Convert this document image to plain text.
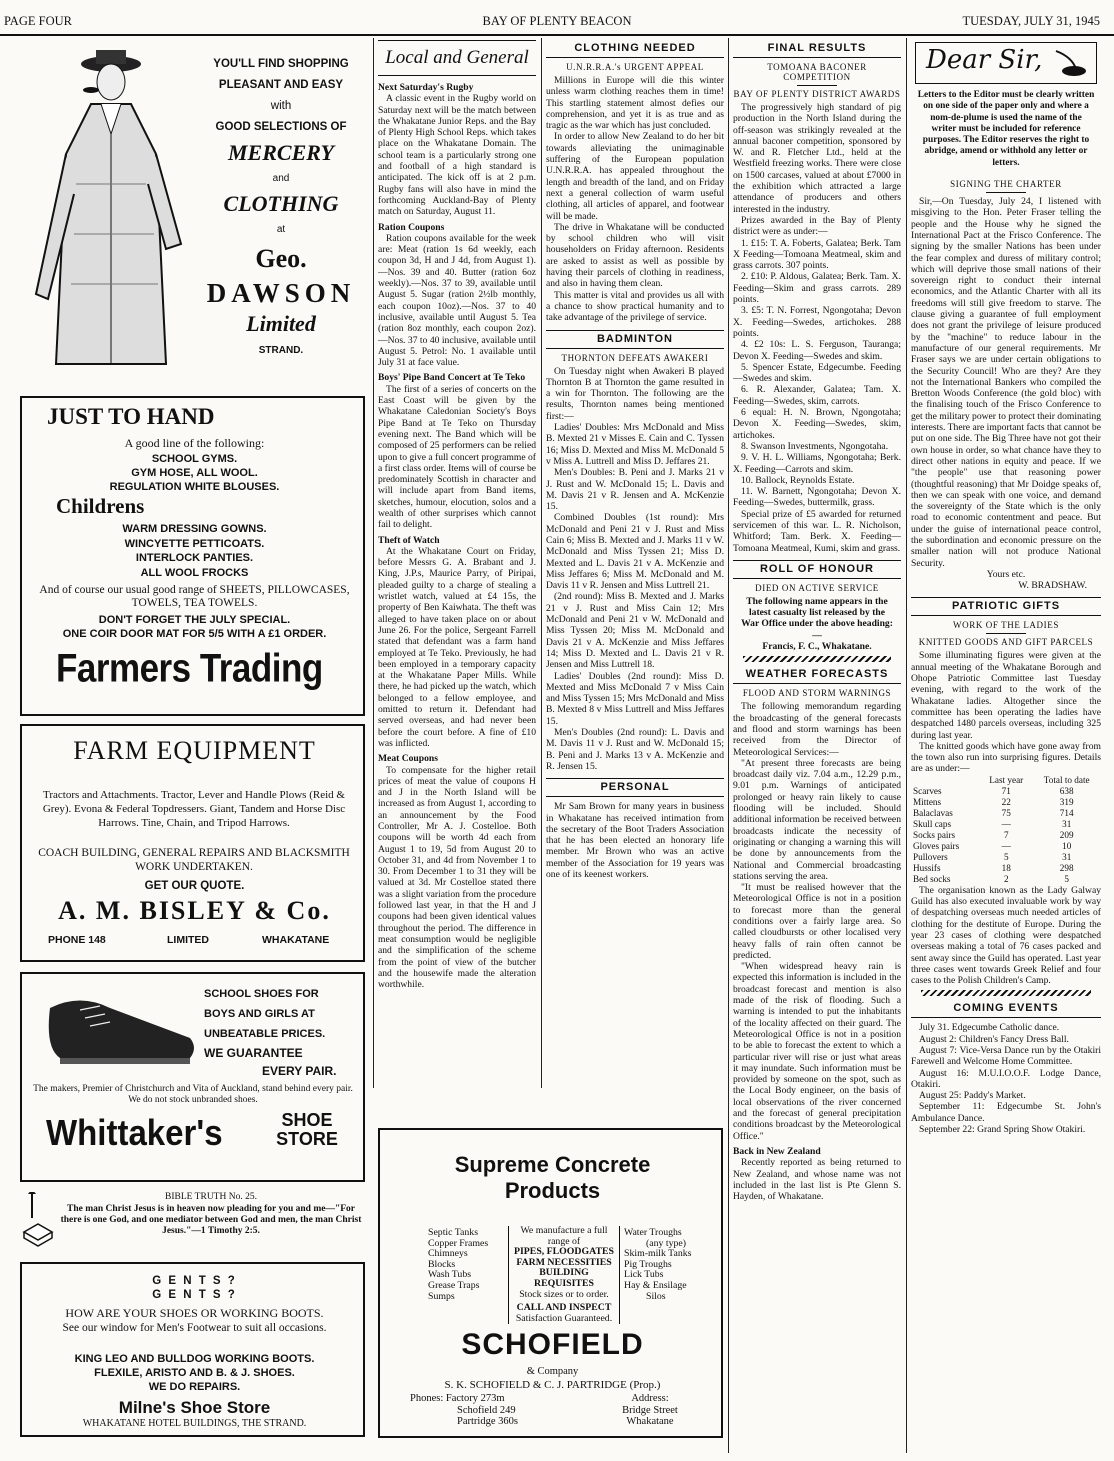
PAGE FOUR	BAY OF PLENTY BEACON	TUESDAY, JULY 31, 1945
YOU'LL FIND SHOPPING
PLEASANT AND EASY
with
GOOD SELECTIONS OF
MERCERY
and
CLOTHING
at
Geo.
DAWSON
Limited
STRAND.
JUST TO HAND
A good line of the following:
SCHOOL GYMS.
GYM HOSE, ALL WOOL.
REGULATION WHITE BLOUSES.
Childrens
WARM DRESSING GOWNS.
WINCYETTE PETTICOATS.
INTERLOCK PANTIES.
ALL WOOL FROCKS
And of course our usual good range of SHEETS, PILLOWCASES, TOWELS, TEA TOWELS.
DON'T FORGET THE JULY SPECIAL.
ONE COIR DOOR MAT FOR 5/5 WITH A £1 ORDER.
Farmers Trading
FARM EQUIPMENT
Tractors and Attachments. Tractor, Lever and Handle Plows (Reid & Grey). Evona & Federal Topdressers. Giant, Tandem and Horse Disc Harrows. Tine, Chain, and Tripod Harrows.
COACH BUILDING, GENERAL REPAIRS AND BLACKSMITH WORK UNDERTAKEN.
GET OUR QUOTE.
A. M. BISLEY & Co.
PHONE 148	LIMITED	WHAKATANE
SCHOOL SHOES FOR
BOYS AND GIRLS AT
UNBEATABLE PRICES.
WE GUARANTEE
EVERY PAIR.
The makers, Premier of Christchurch and Vita of Auckland, stand behind every pair. We do not stock unbranded shoes.
Whittaker's	SHOE
STORE
BIBLE TRUTH No. 25.
The man Christ Jesus is in heaven now pleading for you and me—"For there is one God, and one mediator between God and men, the man Christ Jesus."—1 Timothy 2:5.
G E N T S ?
G E N T S ?
HOW ARE YOUR SHOES OR WORKING BOOTS.
See our window for Men's Footwear to suit all occasions.
KING LEO AND BULLDOG WORKING BOOTS.
FLEXILE, ARISTO AND B. & J. SHOES.
WE DO REPAIRS.
Milne's Shoe Store
WHAKATANE HOTEL BUILDINGS, THE STRAND.
Local and General
Next Saturday's Rugby

A classic event in the Rugby world on Saturday next will be the match between the Whakatane Junior Reps. and the Bay of Plenty High School Reps. which takes place on the Whakatane Domain. The school team is a particularly strong one and football of a high standard is anticipated. The kick off is at 2 p.m. Rugby fans will also have in mind the forthcoming Auckland-Bay of Plenty match on Saturday, August 11.

Ration Coupons

Ration coupons available for the week are: Meat (ration 1s 6d weekly, each coupon 3d, H and J 4d, from August 1).—Nos. 39 and 40. Butter (ration 6oz weekly).—Nos. 37 to 39, available until August 5. Sugar (ration 2½lb monthly, each coupon 10oz).—Nos. 37 to 40 inclusive, available until August 5. Tea (ration 8oz monthly, each coupon 2oz).—Nos. 37 to 40 inclusive, available until August 5. Petrol: No. 1 available until July 31 at face value.

Boys' Pipe Band Concert at Te Teko

The first of a series of concerts on the East Coast will be given by the Whakatane Caledonian Society's Boys Pipe Band at Te Teko on Thursday evening next. The Band which will be composed of 25 performers can be relied upon to give a full concert programme of a first class order. Items will of course be predominately Scottish in character and will include apart from Band items, sketches, humour, elocution, solos and a wealth of other surprises which cannot fail to delight.

Theft of Watch

At the Whakatane Court on Friday, before Messrs G. A. Brabant and J. King, J.P.s, Maurice Parry, of Piripai, pleaded guilty to a charge of stealing a wristlet watch, valued at £4 15s, the property of Ben Kaiwhata. The theft was alleged to have taken place on or about June 26. For the police, Sergeant Farrell stated that defendant was a farm hand employed at Te Teko. Previously, he had been employed in a temporary capacity at the Whakatane Paper Mills. While there, he had picked up the watch, which belonged to a fellow employee, and omitted to return it. Defendant had served overseas, and had never been before the court before. A fine of £10 was inflicted.

Meat Coupons

To compensate for the higher retail prices of meat the value of coupons H and J in the North Island will be increased as from August 1, according to an announcement by the Food Controller, Mr A. J. Costelloe. Both coupons will be worth 4d each from August 1 to 19, 5d from August 20 to October 31, and 4d from November 1 to 30. From December 1 to 31 they will be valued at 3d. Mr Costelloe stated there was a slight variation from the procedure followed last year, in that the H and J coupons had been given identical values throughout the period. The difference in meat consumption would be negligible and the simplification of the scheme from the point of view of the butcher and the housewife made the alteration worthwhile.

CLOTHING NEEDED
U.N.R.R.A.'s URGENT APPEAL

Millions in Europe will die this winter unless warm clothing reaches them in time! This startling statement almost defies our comprehension, and yet it is as true and as tragic as the war which has just concluded.

In order to allow New Zealand to do her bit towards alleviating the unimaginable suffering of the European population U.N.R.R.A. has appealed throughout the length and breadth of the land, and on Friday next a general collection of warm useful clothing, all articles of apparel, and footwear will be made.

The drive in Whakatane will be conducted by school children who will visit householders on Friday afternoon. Residents are asked to assist as well as possible by having their parcels of clothing in readiness, and also in having them clean.

This matter is vital and provides us all with a chance to show practical humanity and to take advantage of the privilege of service.

BADMINTON
THORNTON DEFEATS AWAKERI

On Tuesday night when Awakeri B played Thornton B at Thornton the game resulted in a win for Thornton. The following are the results, Thornton names being mentioned first:—

Ladies' Doubles: Mrs McDonald and Miss B. Mexted 21 v Misses E. Cain and C. Tyssen 16; Miss D. Mexted and Miss M. McDonald 5 v Miss A. Luttrell and Miss D. Jeffares 21.

Men's Doubles: B. Peni and J. Marks 21 v J. Rust and W. McDonald 15; L. Davis and M. Davis 21 v R. Jensen and A. McKenzie 15.

Combined Doubles (1st round): Mrs McDonald and Peni 21 v J. Rust and Miss Cain 6; Miss B. Mexted and J. Marks 11 v W. McDonald and Miss Tyssen 21; Miss D. Mexted and L. Davis 21 v A. McKenzie and Miss Jeffares 6; Miss M. McDonald and M. Davis 11 v R. Jensen and Miss Luttrell 21.

(2nd round): Miss B. Mexted and J. Marks 21 v J. Rust and Miss Cain 12; Mrs McDonald and Peni 21 v W. McDonald and Miss Tyssen 20; Miss M. McDonald and Davis 21 v A. McKenzie and Miss Jeffares 14; Miss D. Mexted and L. Davis 21 v R. Jensen and Miss Luttrell 18.

Ladies' Doubles (2nd round): Miss D. Mexted and Miss McDonald 7 v Miss Cain and Miss Tyssen 15; Mrs McDonald and Miss B. Mexted 8 v Miss Luttrell and Miss Jeffares 15.

Men's Doubles (2nd round): L. Davis and M. Davis 11 v J. Rust and W. McDonald 15; B. Peni and J. Marks 13 v A. McKenzie and R. Jensen 15.

PERSONAL

Mr Sam Brown for many years in business in Whakatane has received intimation from the secretary of the Boot Traders Association that he has been elected an honorary life member. Mr Brown who was an active member of the Association for 19 years was one of its keenest workers.

Supreme Concrete
Products
Septic Tanks
Copper Frames
Chimneys
Blocks
Wash Tubs
Grease Traps
Sumps
We manufacture a full
range of
PIPES, FLOODGATES
FARM NECESSITIES
BUILDING REQUISITES
Stock sizes or to order.
CALL AND INSPECT
Satisfaction Guaranteed.
Water Troughs
(any type)
Skim-milk Tanks
Pig Troughs
Lick Tubs
Hay & Ensilage
Silos
SCHOFIELD
& Company
S. K. SCHOFIELD & C. J. PARTRIDGE (Prop.)
Phones: Factory 273m
Schofield 249
Partridge 360s
Address:
Bridge Street
Whakatane
FINAL RESULTS
TOMOANA BACONER COMPETITION
BAY OF PLENTY DISTRICT AWARDS

The progressively high standard of pig production in the North Island during the off-season was strikingly revealed at the annual baconer competition, sponsored by W. and R. Fletcher Ltd., held at the Westfield freezing works. There were close on 1500 carcases, valued at about £7000 in the exhibition which attracted a large attendance of producers and others interested in the industry.

Prizes awarded in the Bay of Plenty district were as under:—

1. £15: T. A. Foberts, Galatea; Berk. Tam X Feeding—Tomoana Meatmeal, skim and grass carrots. 307 points.

2. £10: P. Aldous, Galatea; Berk. Tam. X. Feeding—Skim and grass carrots. 289 points.

3. £5: T. N. Forrest, Ngongotaha; Devon X. Feeding—Swedes, artichokes. 288 points.

4. £2 10s: L. S. Ferguson, Tauranga; Devon X. Feeding—Swedes and skim.

5. Spencer Estate, Edgecumbe. Feeding—Swedes and skim.

6. R. Alexander, Galatea; Tam. X. Feeding—Swedes, skim, carrots.

6 equal: H. N. Brown, Ngongotaha; Devon X. Feeding—Swedes, skim, artichokes.

8. Swanson Investments, Ngongotaha.

9. V. H. L. Williams, Ngongotaha; Berk. X. Feeding—Carrots and skim.

10. Ballock, Reynolds Estate.

11. W. Barnett, Ngongotaha; Devon X. Feeding—Swedes, buttermilk, grass.

Special prize of £5 awarded for returned servicemen of this war. L. R. Nicholson, Whitford; Tam. Berk. X. Feeding—Tomoana Meatmeal, Kumi, skim and grass.

ROLL OF HONOUR
DIED ON ACTIVE SERVICE
The following name appears in the latest casualty list released by the War Office under the above heading:—
Francis, F. C., Whakatane.
WEATHER FORECASTS
FLOOD AND STORM WARNINGS

The following memorandum regarding the broadcasting of the general forecasts and flood and storm warnings has been received from the Director of Meteorological Services:—

"At present three forecasts are being broadcast daily viz. 7.04 a.m., 12.29 p.m., 9.01 p.m. Warnings of anticipated prolonged or heavy rain likely to cause flooding will be included. Should additional information be received between broadcasts indicate the necessity of originating or changing a warning this will be done by announcements from the National and Commercial broadcasting stations serving the area.

"It must be realised however that the Meteorological Office is not in a position to forecast more than the general conditions over a fairly large area. So called cloudbursts or other localised very heavy falls of rain often cannot be predicted.

"When widespread heavy rain is expected this information is included in the broadcast forecast and mention is also made of the risk of flooding. Such a warning is intended to put the inhabitants of the locality affected on their guard. The Meteorological Office is not in a position to be able to forecast the extent to which a particular river will rise or just what areas it may inundate. Such information must be provided by someone on the spot, such as the Local Body engineer, on the basis of local observations of the river concerned and the forecast of general precipitation conditions broadcast by the Meteorological Office."

Back in New Zealand

Recently reported as being returned to New Zealand, and whose name was not included in the last list is Pte Glenn S. Hayden, of Whakatane.

Dear Sir,
Letters to the Editor must be clearly written on one side of the paper only and where a nom-de-plume is used the name of the writer must be included for reference purposes. The Editor reserves the right to abridge, amend or withhold any letter or letters.
SIGNING THE CHARTER

Sir,—On Tuesday, July 24, I listened with misgiving to the Hon. Peter Fraser telling the people and the House why he signed the International Pact at the Frisco Conference. The signing by the smaller Nations has been under the fear complex and duress of military control; which will deprive those small nations of their sovereign right to conduct their internal economics, and the Atlantic Charter with all its freedoms will still give freedom to starve. The clause giving a guarantee of full employment does not grant the privilege of leisure produced by the "machine" to reduce labour in the manufacture of our general requirements. Mr Fraser says we are under certain obligations to the Security Council! Who are they? Are they not the International Bankers who compiled the Bretton Woods Conference (the gold bloc) with the finalising touch of the Frisco Conference to get the military power to protect their dominating interests. There are important facts that cannot be put on one side. The Big Three have not got their own house in order, so what chance have they to direct other nations in equity and peace. If we "the people" use that reasoning power (thoughtful reasoning) that Mr Doidge speaks of, then we can speak with one voice, and demand the sovereignty of the State which is the only road to economic contentment and peace. But under the guise of international peace control, the subordination and economic pressure on the smaller nation will not produce National Security.

Yours etc.
W. BRADSHAW.
PATRIOTIC GIFTS
WORK OF THE LADIES
KNITTED GOODS AND GIFT PARCELS

Some illuminating figures were given at the annual meeting of the Whakatane Borough and Ohope Patriotic Committee last Tuesday evening, with regard to the work of the Whakatane ladies. Altogether since the committee has been operating the ladies have despatched 1480 parcels overseas, including 325 during last year.

The knitted goods which have gone away from the town also run into surprising figures. Details are as under:—

	Last year	Total to date
Scarves	71	638
Mittens	22	319
Balaclavas	75	714
Skull caps	—	31
Socks pairs	7	209
Gloves pairs	—	10
Pullovers	5	31
Hussifs	18	298
Bed socks	2	5

The organisation known as the Lady Galway Guild has also executed invaluable work by way of despatching overseas much needed articles of clothing for the destitute of Europe. During the year 23 cases of clothing were despatched overseas making a total of 76 cases packed and sent away since the Guild has operated. Last year three cases went towards Greek Relief and four cases to the Polish Children's Camp.

COMING EVENTS

July 31. Edgecumbe Catholic dance.

August 2: Children's Fancy Dress Ball.

August 7: Vice-Versa Dance run by the Otakiri Farewell and Welcome Home Committee.

August 16: M.U.I.O.O.F. Lodge Dance, Otakiri.

August 25: Paddy's Market.

September 11: Edgecumbe St. John's Ambulance Dance.

September 22: Grand Spring Show Otakiri.
